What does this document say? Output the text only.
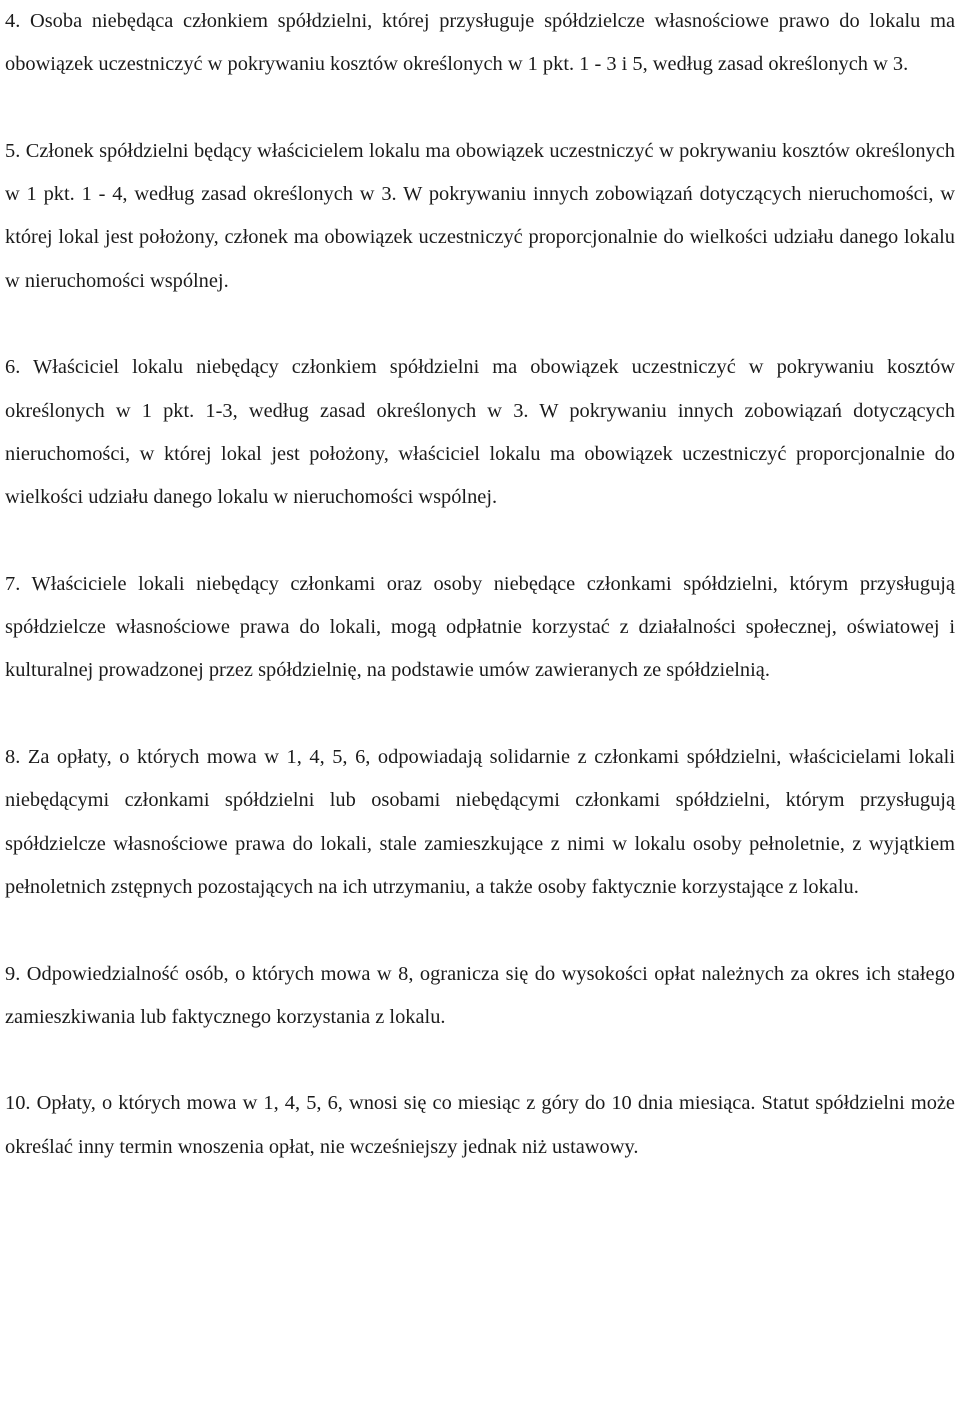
4. Osoba niebędąca członkiem spółdzielni, której przysługuje spółdzielcze własnościowe prawo do lokalu ma obowiązek uczestniczyć w pokrywaniu kosztów określonych w 1 pkt. 1 - 3 i 5, według zasad określonych w 3.

5. Członek spółdzielni będący właścicielem lokalu ma obowiązek uczestniczyć w pokrywaniu kosztów określonych w 1 pkt. 1 - 4, według zasad określonych w 3. W pokrywaniu innych zobowiązań dotyczących nieruchomości, w której lokal jest położony, członek ma obowiązek uczestniczyć proporcjonalnie do wielkości udziału danego lokalu w nieruchomości wspólnej.

6. Właściciel lokalu niebędący członkiem spółdzielni ma obowiązek uczestniczyć w pokrywaniu kosztów określonych w 1 pkt. 1-3, według zasad określonych w 3. W pokrywaniu innych zobowiązań dotyczących nieruchomości, w której lokal jest położony, właściciel lokalu ma obowiązek uczestniczyć proporcjonalnie do wielkości udziału danego lokalu w nieruchomości wspólnej.

7. Właściciele lokali niebędący członkami oraz osoby niebędące członkami spółdzielni, którym przysługują spółdzielcze własnościowe prawa do lokali, mogą odpłatnie korzystać z działalności społecznej, oświatowej i kulturalnej prowadzonej przez spółdzielnię, na podstawie umów zawieranych ze spółdzielnią.

8. Za opłaty, o których mowa w 1, 4, 5, 6, odpowiadają solidarnie z członkami spółdzielni, właścicielami lokali niebędącymi członkami spółdzielni lub osobami niebędącymi członkami spółdzielni, którym przysługują spółdzielcze własnościowe prawa do lokali, stale zamieszkujące z nimi w lokalu osoby pełnoletnie, z wyjątkiem pełnoletnich zstępnych pozostających na ich utrzymaniu, a także osoby faktycznie korzystające z lokalu.

9. Odpowiedzialność osób, o których mowa w 8, ogranicza się do wysokości opłat należnych za okres ich stałego zamieszkiwania lub faktycznego korzystania z lokalu.

10. Opłaty, o których mowa w 1, 4, 5, 6, wnosi się co miesiąc z góry do 10 dnia miesiąca. Statut spółdzielni może określać inny termin wnoszenia opłat, nie wcześniejszy jednak niż ustawowy.
